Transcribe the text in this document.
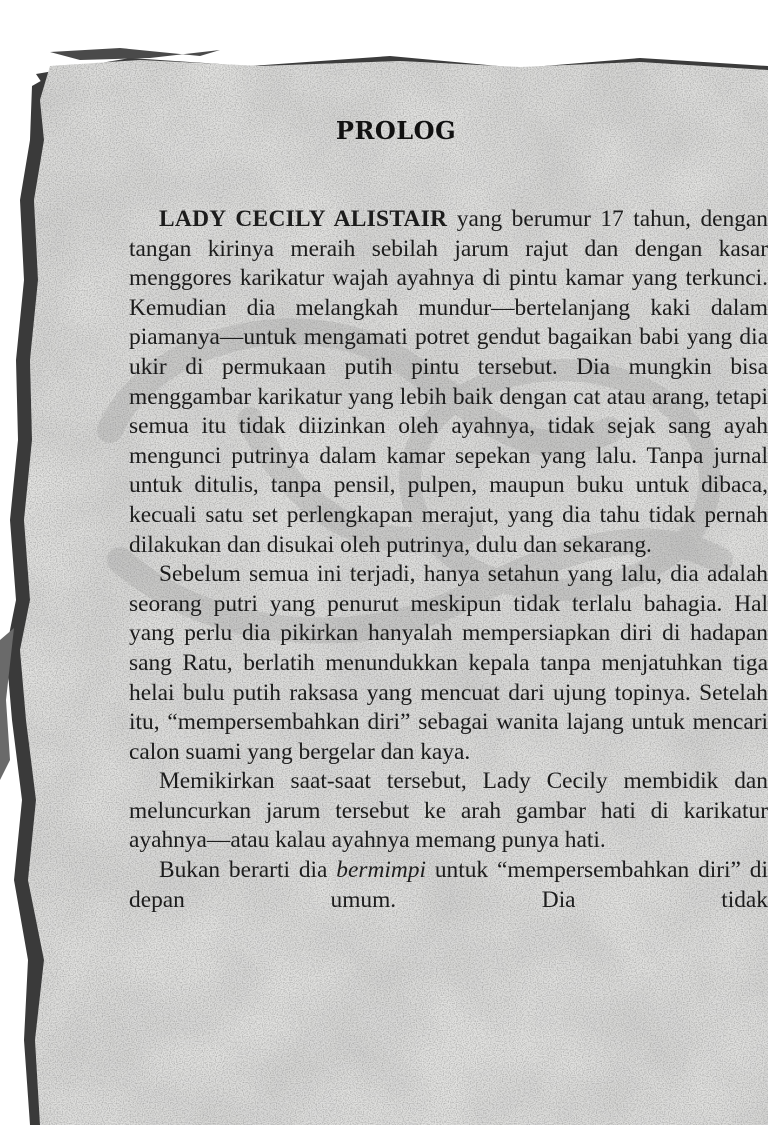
PROLOG

LADY CECILY ALISTAIR yang berumur 17 tahun, dengan tangan kirinya meraih sebilah jarum rajut dan dengan kasar menggores karikatur wajah ayahnya di pintu kamar yang terkunci. Kemudian dia melangkah mundur—bertelanjang kaki dalam piamanya—untuk mengamati potret gendut bagaikan babi yang dia ukir di permukaan putih pintu tersebut. Dia mungkin bisa menggambar karikatur yang lebih baik dengan cat atau arang, tetapi semua itu tidak diizinkan oleh ayahnya, tidak sejak sang ayah mengunci putrinya dalam kamar sepekan yang lalu. Tanpa jurnal untuk ditulis, tanpa pensil, pulpen, maupun buku untuk dibaca, kecuali satu set perlengkapan merajut, yang dia tahu tidak pernah dilakukan dan disukai oleh putrinya, dulu dan sekarang.

Sebelum semua ini terjadi, hanya setahun yang lalu, dia adalah seorang putri yang penurut meskipun tidak terlalu bahagia. Hal yang perlu dia pikirkan hanyalah mempersiapkan diri di hadapan sang Ratu, berlatih menundukkan kepala tanpa menjatuhkan tiga helai bulu putih raksasa yang mencuat dari ujung topinya. Setelah itu, “mempersembahkan diri” sebagai wanita lajang untuk mencari calon suami yang bergelar dan kaya.

Memikirkan saat-saat tersebut, Lady Cecily membidik dan meluncurkan jarum tersebut ke arah gambar hati di karikatur ayahnya—atau kalau ayahnya memang punya hati.

Bukan berarti dia bermimpi untuk “mempersembahkan diri” di depan umum. Dia tidak
